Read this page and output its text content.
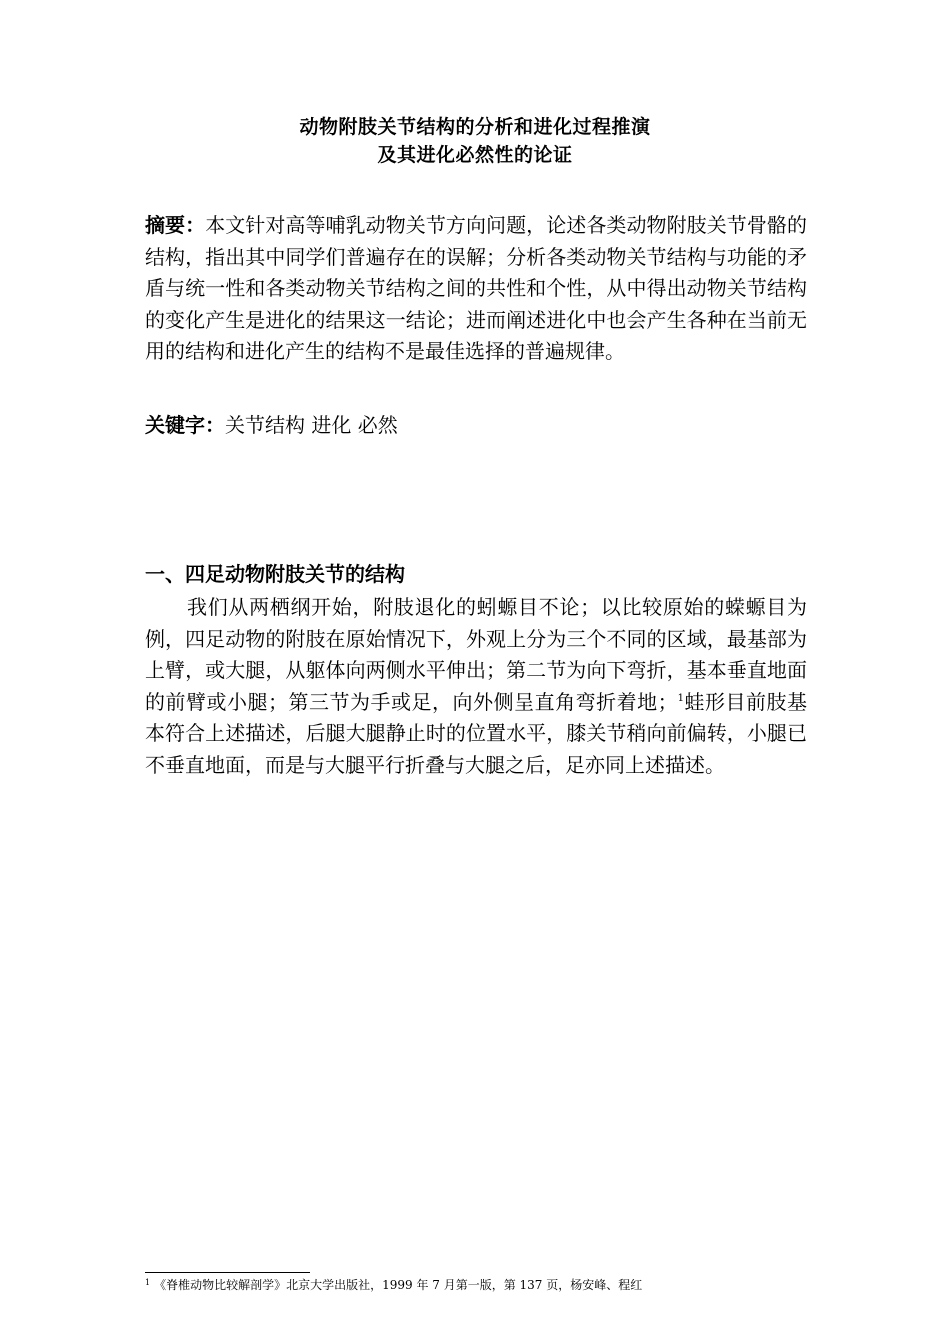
动物附肢关节结构的分析和进化过程推演
及其进化必然性的论证
摘要：本文针对高等哺乳动物关节方向问题，论述各类动物附肢关节骨骼的结构，指出其中同学们普遍存在的误解；分析各类动物关节结构与功能的矛盾与统一性和各类动物关节结构之间的共性和个性，从中得出动物关节结构的变化产生是进化的结果这一结论；进而阐述进化中也会产生各种在当前无用的结构和进化产生的结构不是最佳选择的普遍规律。
关键字：关节结构 进化 必然
一、四足动物附肢关节的结构
我们从两栖纲开始，附肢退化的蚓螈目不论；以比较原始的蝾螈目为例，四足动物的附肢在原始情况下，外观上分为三个不同的区域，最基部为上臂，或大腿，从躯体向两侧水平伸出；第二节为向下弯折，基本垂直地面的前臂或小腿；第三节为手或足，向外侧呈直角弯折着地；$^1$蛙形目前肢基本符合上述描述，后腿大腿静止时的位置水平，膝关节稍向前偏转，小腿已不垂直地面，而是与大腿平行折叠与大腿之后，足亦同上述描述。
$^1$ 《脊椎动物比较解剖学》北京大学出版社，1999 年 7 月第一版，第 137 页，杨安峰、程红
